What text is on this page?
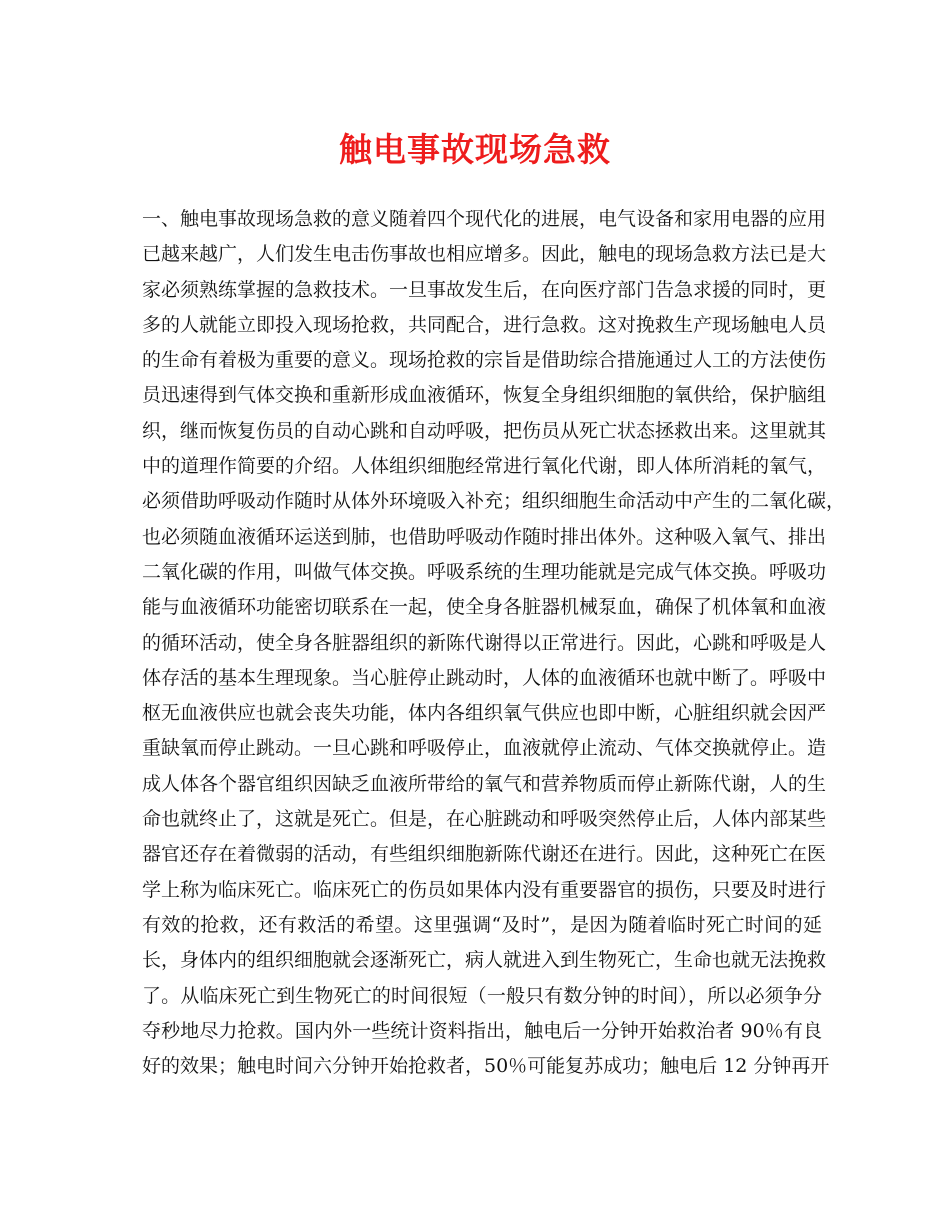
触电事故现场急救
一、触电事故现场急救的意义随着四个现代化的进展，电气设备和家用电器的应用
已越来越广，人们发生电击伤事故也相应增多。因此，触电的现场急救方法已是大
家必须熟练掌握的急救技术。一旦事故发生后，在向医疗部门告急求援的同时，更
多的人就能立即投入现场抢救，共同配合，进行急救。这对挽救生产现场触电人员
的生命有着极为重要的意义。现场抢救的宗旨是借助综合措施通过人工的方法使伤
员迅速得到气体交换和重新形成血液循环，恢复全身组织细胞的氧供给，保护脑组
织，继而恢复伤员的自动心跳和自动呼吸，把伤员从死亡状态拯救出来。这里就其
中的道理作简要的介绍。人体组织细胞经常进行氧化代谢，即人体所消耗的氧气，
必须借助呼吸动作随时从体外环境吸入补充；组织细胞生命活动中产生的二氧化碳，
也必须随血液循环运送到肺，也借助呼吸动作随时排出体外。这种吸入氧气、排出
二氧化碳的作用，叫做气体交换。呼吸系统的生理功能就是完成气体交换。呼吸功
能与血液循环功能密切联系在一起，使全身各脏器机械泵血，确保了机体氧和血液
的循环活动，使全身各脏器组织的新陈代谢得以正常进行。因此，心跳和呼吸是人
体存活的基本生理现象。当心脏停止跳动时，人体的血液循环也就中断了。呼吸中
枢无血液供应也就会丧失功能，体内各组织氧气供应也即中断，心脏组织就会因严
重缺氧而停止跳动。一旦心跳和呼吸停止，血液就停止流动、气体交换就停止。造
成人体各个器官组织因缺乏血液所带给的氧气和营养物质而停止新陈代谢，人的生
命也就终止了，这就是死亡。但是，在心脏跳动和呼吸突然停止后，人体内部某些
器官还存在着微弱的活动，有些组织细胞新陈代谢还在进行。因此，这种死亡在医
学上称为临床死亡。临床死亡的伤员如果体内没有重要器官的损伤，只要及时进行
有效的抢救，还有救活的希望。这里强调“及时”，是因为随着临时死亡时间的延
长，身体内的组织细胞就会逐渐死亡，病人就进入到生物死亡，生命也就无法挽救
了。从临床死亡到生物死亡的时间很短（一般只有数分钟的时间），所以必须争分
夺秒地尽力抢救。国内外一些统计资料指出，触电后一分钟开始救治者 90％有良
好的效果；触电时间六分钟开始抢救者，50％可能复苏成功；触电后 12 分钟再开
